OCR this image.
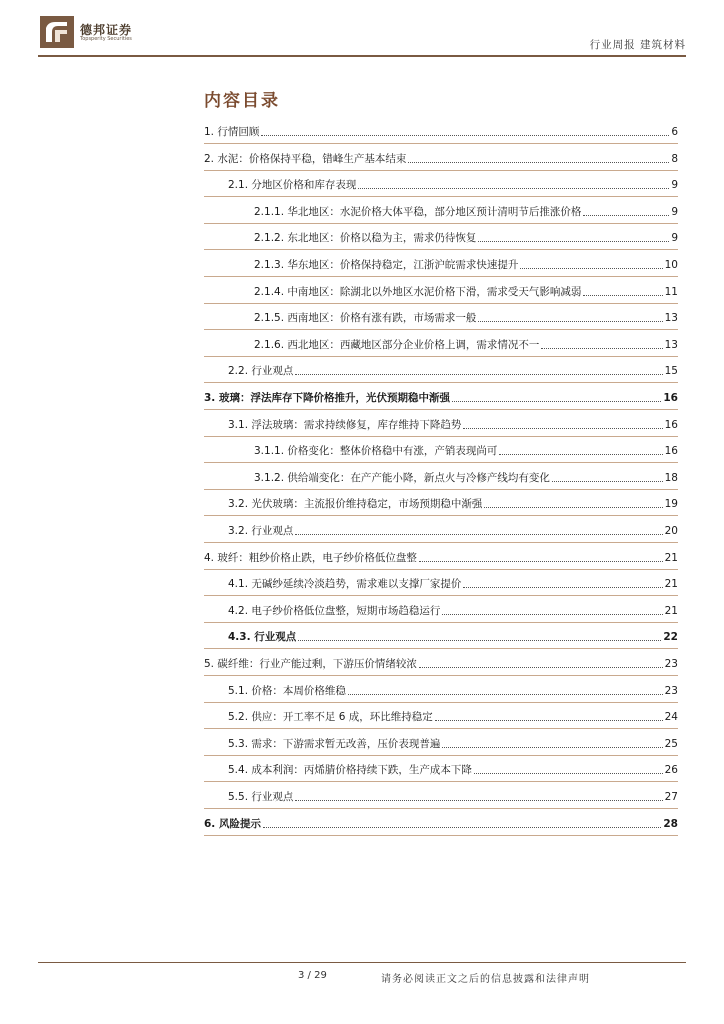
德邦证券
Topsperity Securities	行业周报 建筑材料
内容目录
1. 行情回顾	6
2. 水泥：价格保持平稳，错峰生产基本结束	8
2.1. 分地区价格和库存表现	9
2.1.1. 华北地区：水泥价格大体平稳，部分地区预计清明节后推涨价格	9
2.1.2. 东北地区：价格以稳为主，需求仍待恢复	9
2.1.3. 华东地区：价格保持稳定，江浙沪皖需求快速提升	10
2.1.4. 中南地区：除湖北以外地区水泥价格下滑，需求受天气影响减弱	11
2.1.5. 西南地区：价格有涨有跌，市场需求一般	13
2.1.6. 西北地区：西藏地区部分企业价格上调，需求情况不一	13
2.2. 行业观点	15
3. 玻璃：浮法库存下降价格推升，光伏预期稳中渐强	16
3.1. 浮法玻璃：需求持续修复，库存维持下降趋势	16
3.1.1. 价格变化：整体价格稳中有涨，产销表现尚可	16
3.1.2. 供给端变化：在产产能小降，新点火与冷修产线均有变化	18
3.2. 光伏玻璃：主流报价维持稳定，市场预期稳中渐强	19
3.2. 行业观点	20
4. 玻纤：粗纱价格止跌，电子纱价格低位盘整	21
4.1. 无碱纱延续冷淡趋势，需求难以支撑厂家提价	21
4.2. 电子纱价格低位盘整，短期市场趋稳运行	21
4.3. 行业观点	22
5. 碳纤维：行业产能过剩，下游压价情绪较浓	23
5.1. 价格：本周价格维稳	23
5.2. 供应：开工率不足 6 成，环比维持稳定	24
5.3. 需求：下游需求暂无改善，压价表现普遍	25
5.4. 成本利润：丙烯腈价格持续下跌，生产成本下降	26
5.5. 行业观点	27
6. 风险提示	28
3 / 29	请务必阅读正文之后的信息披露和法律声明
